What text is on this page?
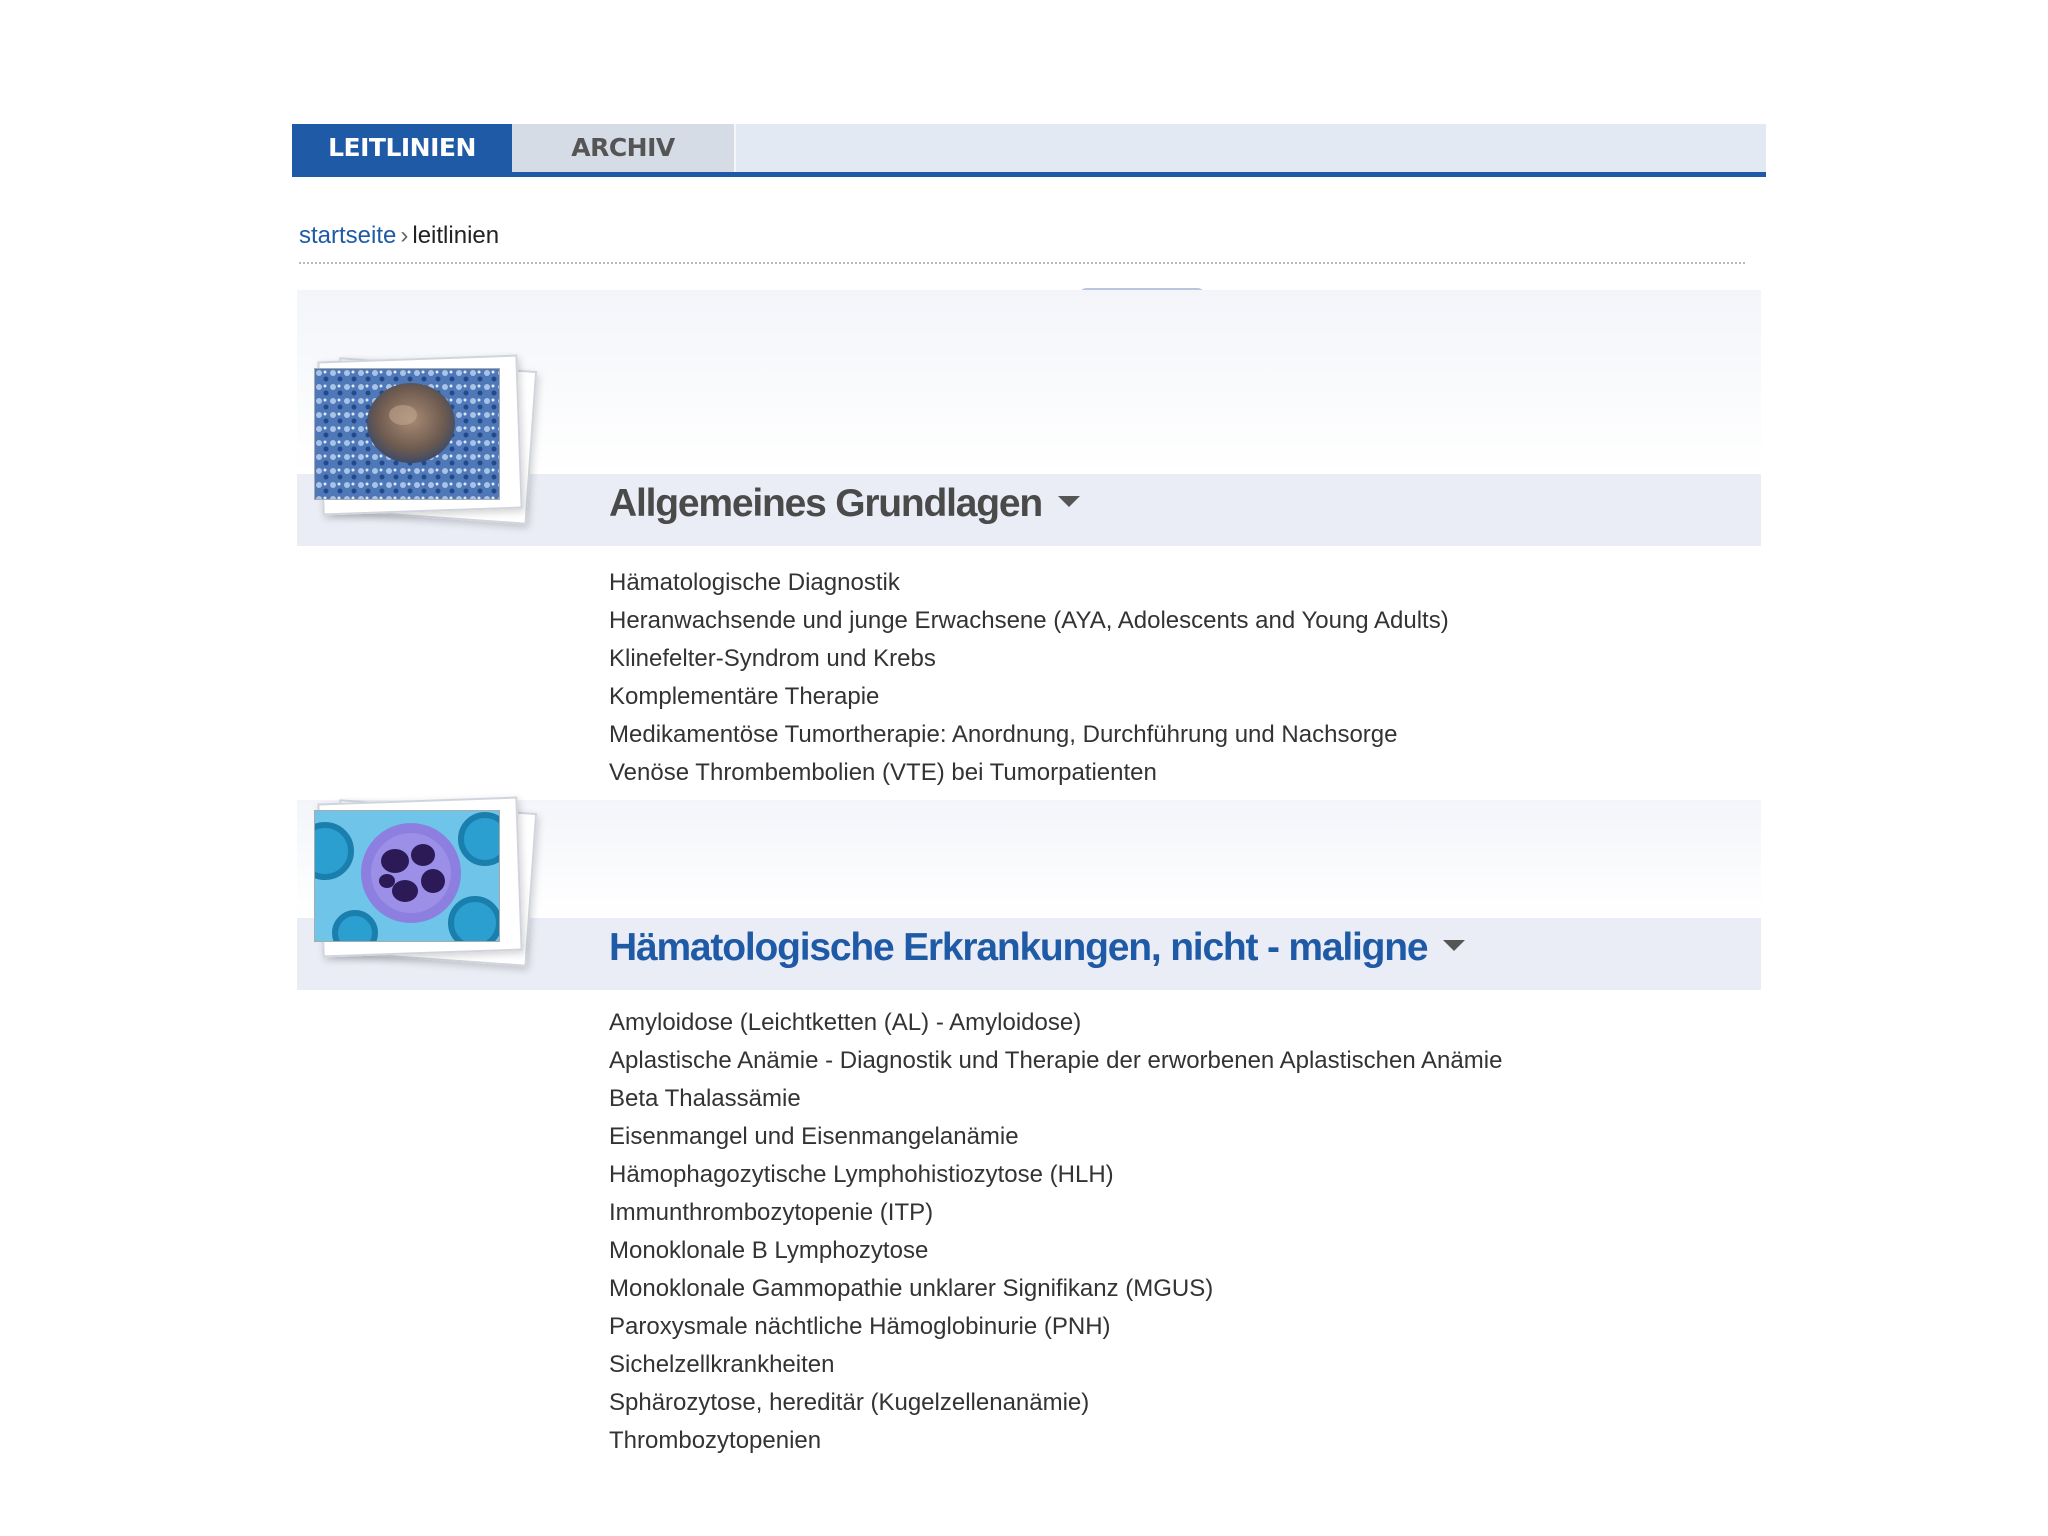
LEITLINIEN	ARCHIV
startseite › leitlinien
Allgemeines Grundlagen
Hämatologische Diagnostik
Heranwachsende und junge Erwachsene (AYA, Adolescents and Young Adults)
Klinefelter-Syndrom und Krebs
Komplementäre Therapie
Medikamentöse Tumortherapie: Anordnung, Durchführung und Nachsorge
Venöse Thrombembolien (VTE) bei Tumorpatienten
Hämatologische Erkrankungen, nicht - maligne
Amyloidose (Leichtketten (AL) - Amyloidose)
Aplastische Anämie - Diagnostik und Therapie der erworbenen Aplastischen Anämie
Beta Thalassämie
Eisenmangel und Eisenmangelanämie
Hämophagozytische Lymphohistiozytose (HLH)
Immunthrombozytopenie (ITP)
Monoklonale B Lymphozytose
Monoklonale Gammopathie unklarer Signifikanz (MGUS)
Paroxysmale nächtliche Hämoglobinurie (PNH)
Sichelzellkrankheiten
Sphärozytose, hereditär (Kugelzellenanämie)
Thrombozytopenien
